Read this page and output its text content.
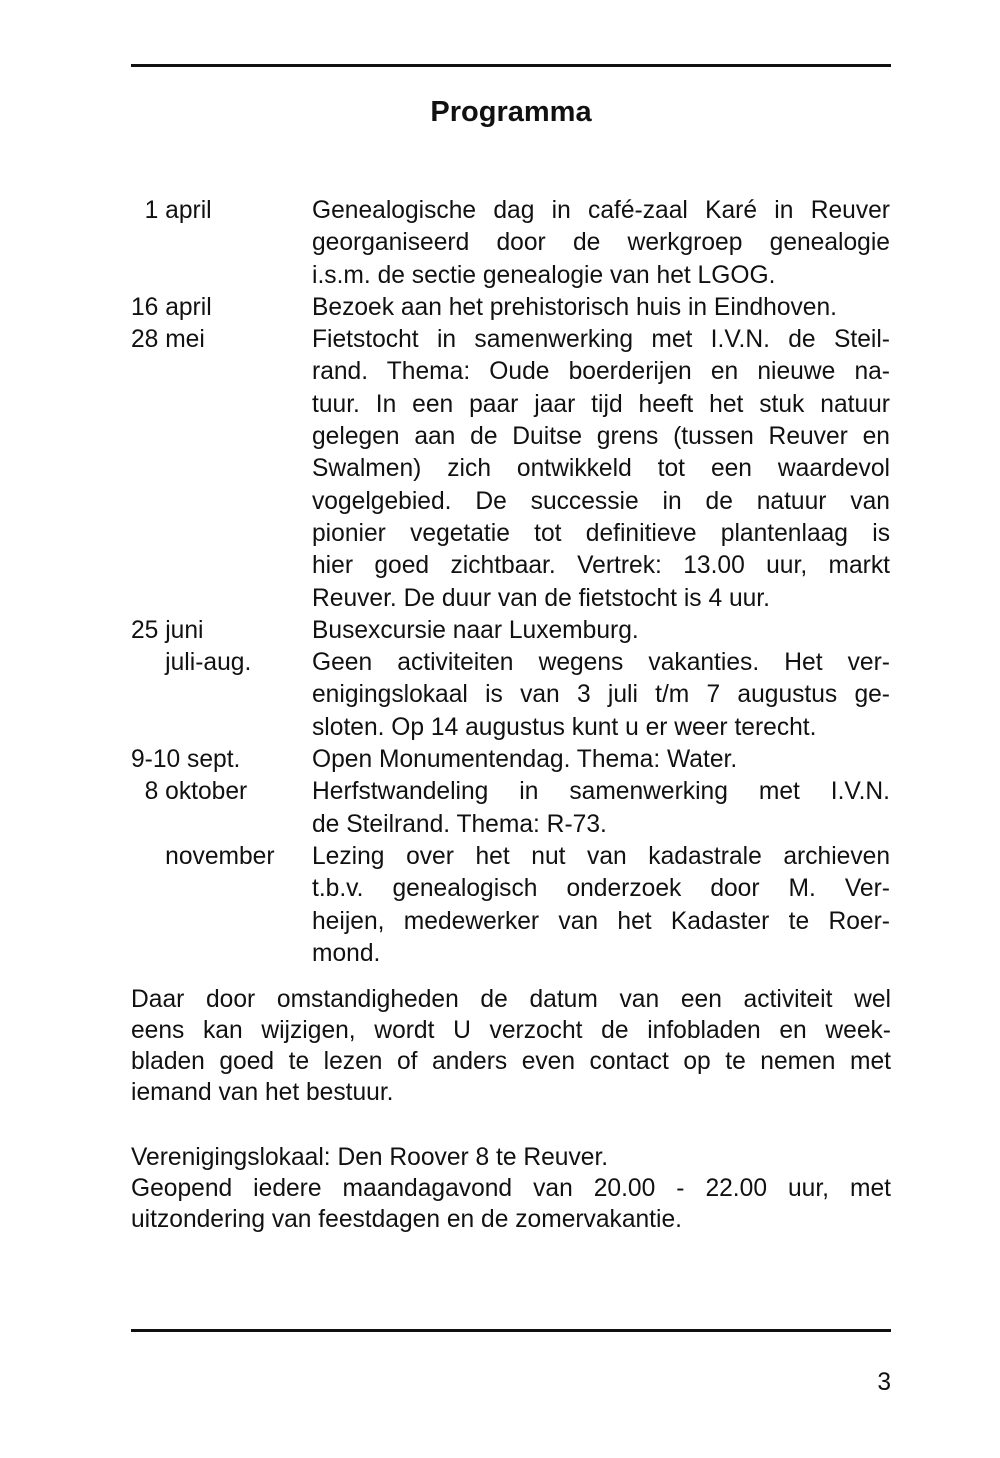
Programma
1 april	Genealogische dag in café-zaal Karé in Reuver
georganiseerd door de werkgroep genealogie
i.s.m. de sectie genealogie van het LGOG.
16 april	Bezoek aan het prehistorisch huis in Eindhoven.
28 mei	Fietstocht in samenwerking met I.V.N. de Steil-
rand. Thema: Oude boerderijen en nieuwe na-
tuur. In een paar jaar tijd heeft het stuk natuur
gelegen aan de Duitse grens (tussen Reuver en
Swalmen) zich ontwikkeld tot een waardevol
vogelgebied. De successie in de natuur van
pionier vegetatie tot definitieve plantenlaag is
hier goed zichtbaar. Vertrek: 13.00 uur, markt
Reuver. De duur van de fietstocht is 4 uur.
25 juni	Busexcursie naar Luxemburg.
juli-aug.	Geen activiteiten wegens vakanties. Het ver-
enigingslokaal is van 3 juli t/m 7 augustus ge-
sloten. Op 14 augustus kunt u er weer terecht.
9-10 sept.	Open Monumentendag. Thema: Water.
8 oktober	Herfstwandeling in samenwerking met I.V.N.
de Steilrand. Thema: R-73.
november	Lezing over het nut van kadastrale archieven
t.b.v. genealogisch onderzoek door M. Ver-
heijen, medewerker van het Kadaster te Roer-
mond.
Daar door omstandigheden de datum van een activiteit wel
eens kan wijzigen, wordt U verzocht de infobladen en week-
bladen goed te lezen of anders even contact op te nemen met
iemand van het bestuur.
Verenigingslokaal: Den Roover 8 te Reuver.
Geopend iedere maandagavond van 20.00 - 22.00 uur, met
uitzondering van feestdagen en de zomervakantie.
3
